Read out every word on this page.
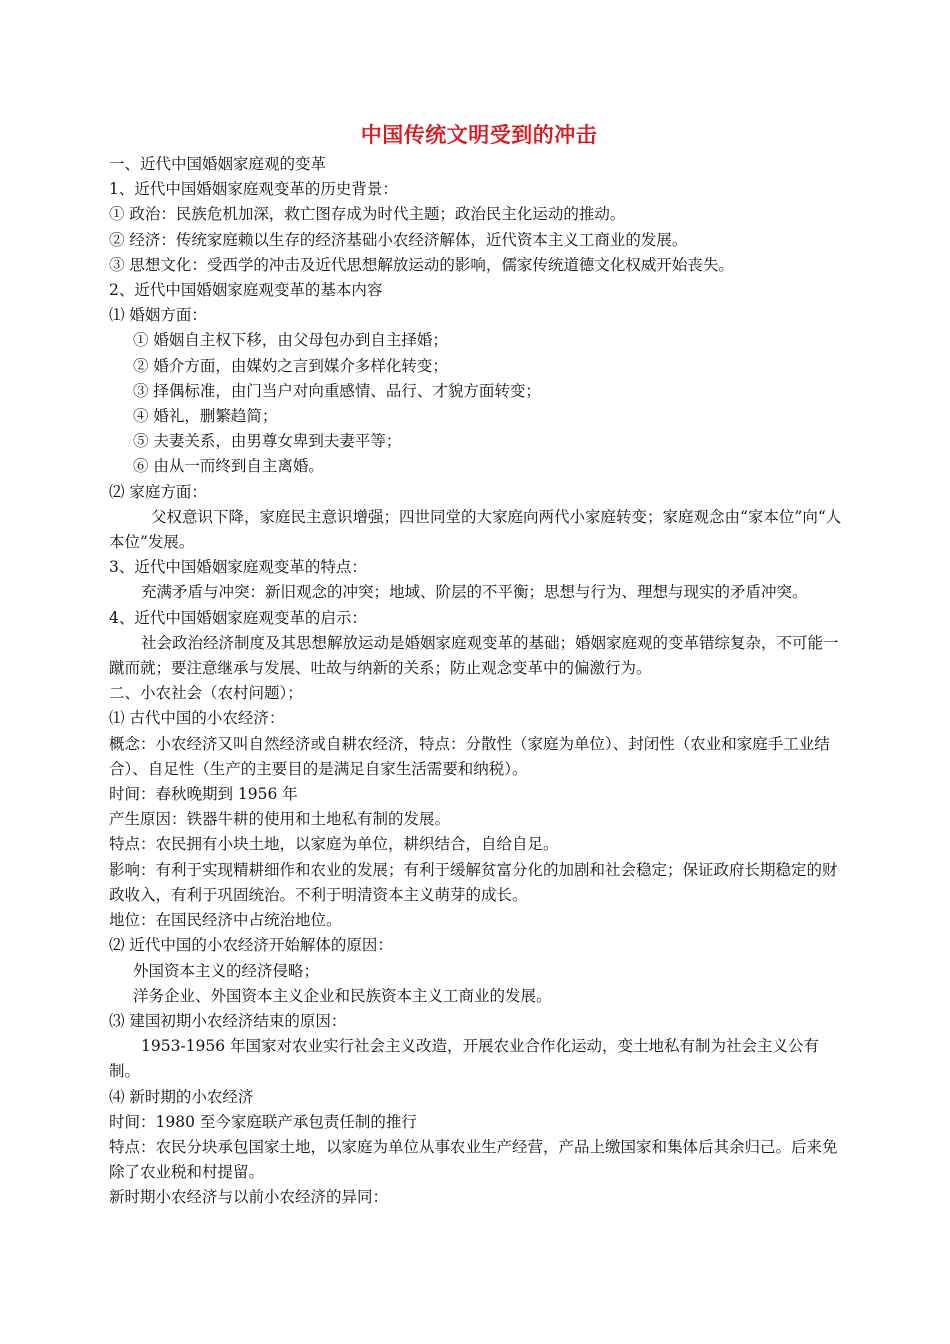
中国传统文明受到的冲击
一、近代中国婚姻家庭观的变革
1、近代中国婚姻家庭观变革的历史背景：
① 政治：民族危机加深，救亡图存成为时代主题；政治民主化运动的推动。
② 经济：传统家庭赖以生存的经济基础小农经济解体，近代资本主义工商业的发展。
③ 思想文化：受西学的冲击及近代思想解放运动的影响，儒家传统道德文化权威开始丧失。
2、近代中国婚姻家庭观变革的基本内容
⑴ 婚姻方面：
① 婚姻自主权下移，由父母包办到自主择婚；
② 婚介方面，由媒妁之言到媒介多样化转变；
③ 择偶标准，由门当户对向重感情、品行、才貌方面转变；
④ 婚礼，删繁趋简；
⑤ 夫妻关系，由男尊女卑到夫妻平等；
⑥ 由从一而终到自主离婚。
⑵ 家庭方面：
父权意识下降，家庭民主意识增强；四世同堂的大家庭向两代小家庭转变；家庭观念由“家本位”向“人本位”发展。
3、近代中国婚姻家庭观变革的特点：
充满矛盾与冲突：新旧观念的冲突；地域、阶层的不平衡；思想与行为、理想与现实的矛盾冲突。
4、近代中国婚姻家庭观变革的启示：
社会政治经济制度及其思想解放运动是婚姻家庭观变革的基础；婚姻家庭观的变革错综复杂，不可能一蹴而就；要注意继承与发展、吐故与纳新的关系；防止观念变革中的偏激行为。
二、小农社会（农村问题）；
⑴ 古代中国的小农经济：
概念：小农经济又叫自然经济或自耕农经济，特点：分散性（家庭为单位）、封闭性（农业和家庭手工业结合）、自足性（生产的主要目的是满足自家生活需要和纳税）。
时间：春秋晚期到 1956 年
产生原因：铁器牛耕的使用和土地私有制的发展。
特点：农民拥有小块土地，以家庭为单位，耕织结合，自给自足。
影响：有利于实现精耕细作和农业的发展；有利于缓解贫富分化的加剧和社会稳定；保证政府长期稳定的财政收入，有利于巩固统治。不利于明清资本主义萌芽的成长。
地位：在国民经济中占统治地位。
⑵ 近代中国的小农经济开始解体的原因：
外国资本主义的经济侵略；
洋务企业、外国资本主义企业和民族资本主义工商业的发展。
⑶ 建国初期小农经济结束的原因：
1953-1956 年国家对农业实行社会主义改造，开展农业合作化运动，变土地私有制为社会主义公有制。
⑷ 新时期的小农经济
时间：1980 至今家庭联产承包责任制的推行
特点：农民分块承包国家土地，以家庭为单位从事农业生产经营，产品上缴国家和集体后其余归己。后来免除了农业税和村提留。
新时期小农经济与以前小农经济的异同：
